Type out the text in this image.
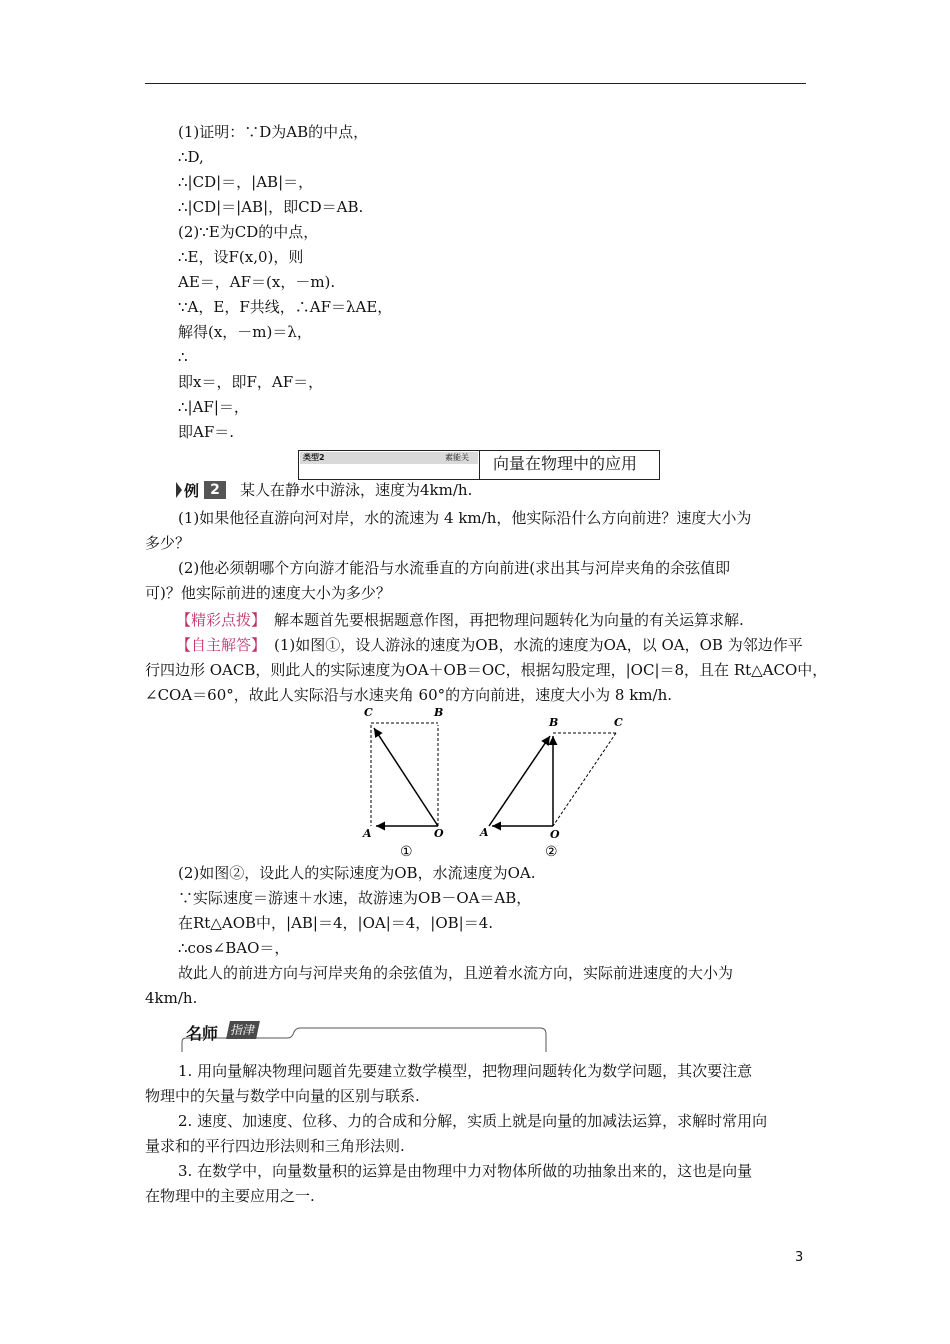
(1)证明：∵D为AB的中点，
∴D,
∴|CD|＝，|AB|＝，
∴|CD|＝|AB|，即CD＝AB.
(2)∵E为CD的中点，
∴E，设F(x,0)，则
AE＝，AF＝(x，－m).
∵A，E，F共线，∴AF＝λAE，
解得(x，－m)＝λ，
∴
即x＝，即F，AF＝，
∴|AF|＝，
即AF＝.
类型2	素能关 向量在物理中的应用
例 2	某人在静水中游泳，速度为4km/h.
(1)如果他径直游向河对岸，水的流速为 4 km/h，他实际沿什么方向前进？速度大小为
多少？
(2)他必须朝哪个方向游才能沿与水流垂直的方向前进(求出其与河岸夹角的余弦值即
可)？他实际前进的速度大小为多少？
【精彩点拨】 解本题首先要根据题意作图，再把物理问题转化为向量的有关运算求解.
【自主解答】 (1)如图①，设人游泳的速度为OB，水流的速度为OA，以 OA，OB 为邻边作平
行四边形 OACB，则此人的实际速度为OA＋OB＝OC，根据勾股定理，|OC|＝8，且在 Rt△ACO中，
∠COA＝60°，故此人实际沿与水速夹角 60°的方向前进，速度大小为 8 km/h.
C	B
A	O
①
B	C
A	O
②
(2)如图②，设此人的实际速度为OB，水流速度为OA.
∵实际速度＝游速＋水速，故游速为OB－OA＝AB，
在Rt△AOB中，|AB|＝4，|OA|＝4，|OB|＝4.
∴cos∠BAO＝，
故此人的前进方向与河岸夹角的余弦值为，且逆着水流方向，实际前进速度的大小为
4km/h.
名师 指津
1. 用向量解决物理问题首先要建立数学模型，把物理问题转化为数学问题，其次要注意
物理中的矢量与数学中向量的区别与联系.
2. 速度、加速度、位移、力的合成和分解，实质上就是向量的加减法运算，求解时常用向
量求和的平行四边形法则和三角形法则.
3. 在数学中，向量数量积的运算是由物理中力对物体所做的功抽象出来的，这也是向量
在物理中的主要应用之一.
3
